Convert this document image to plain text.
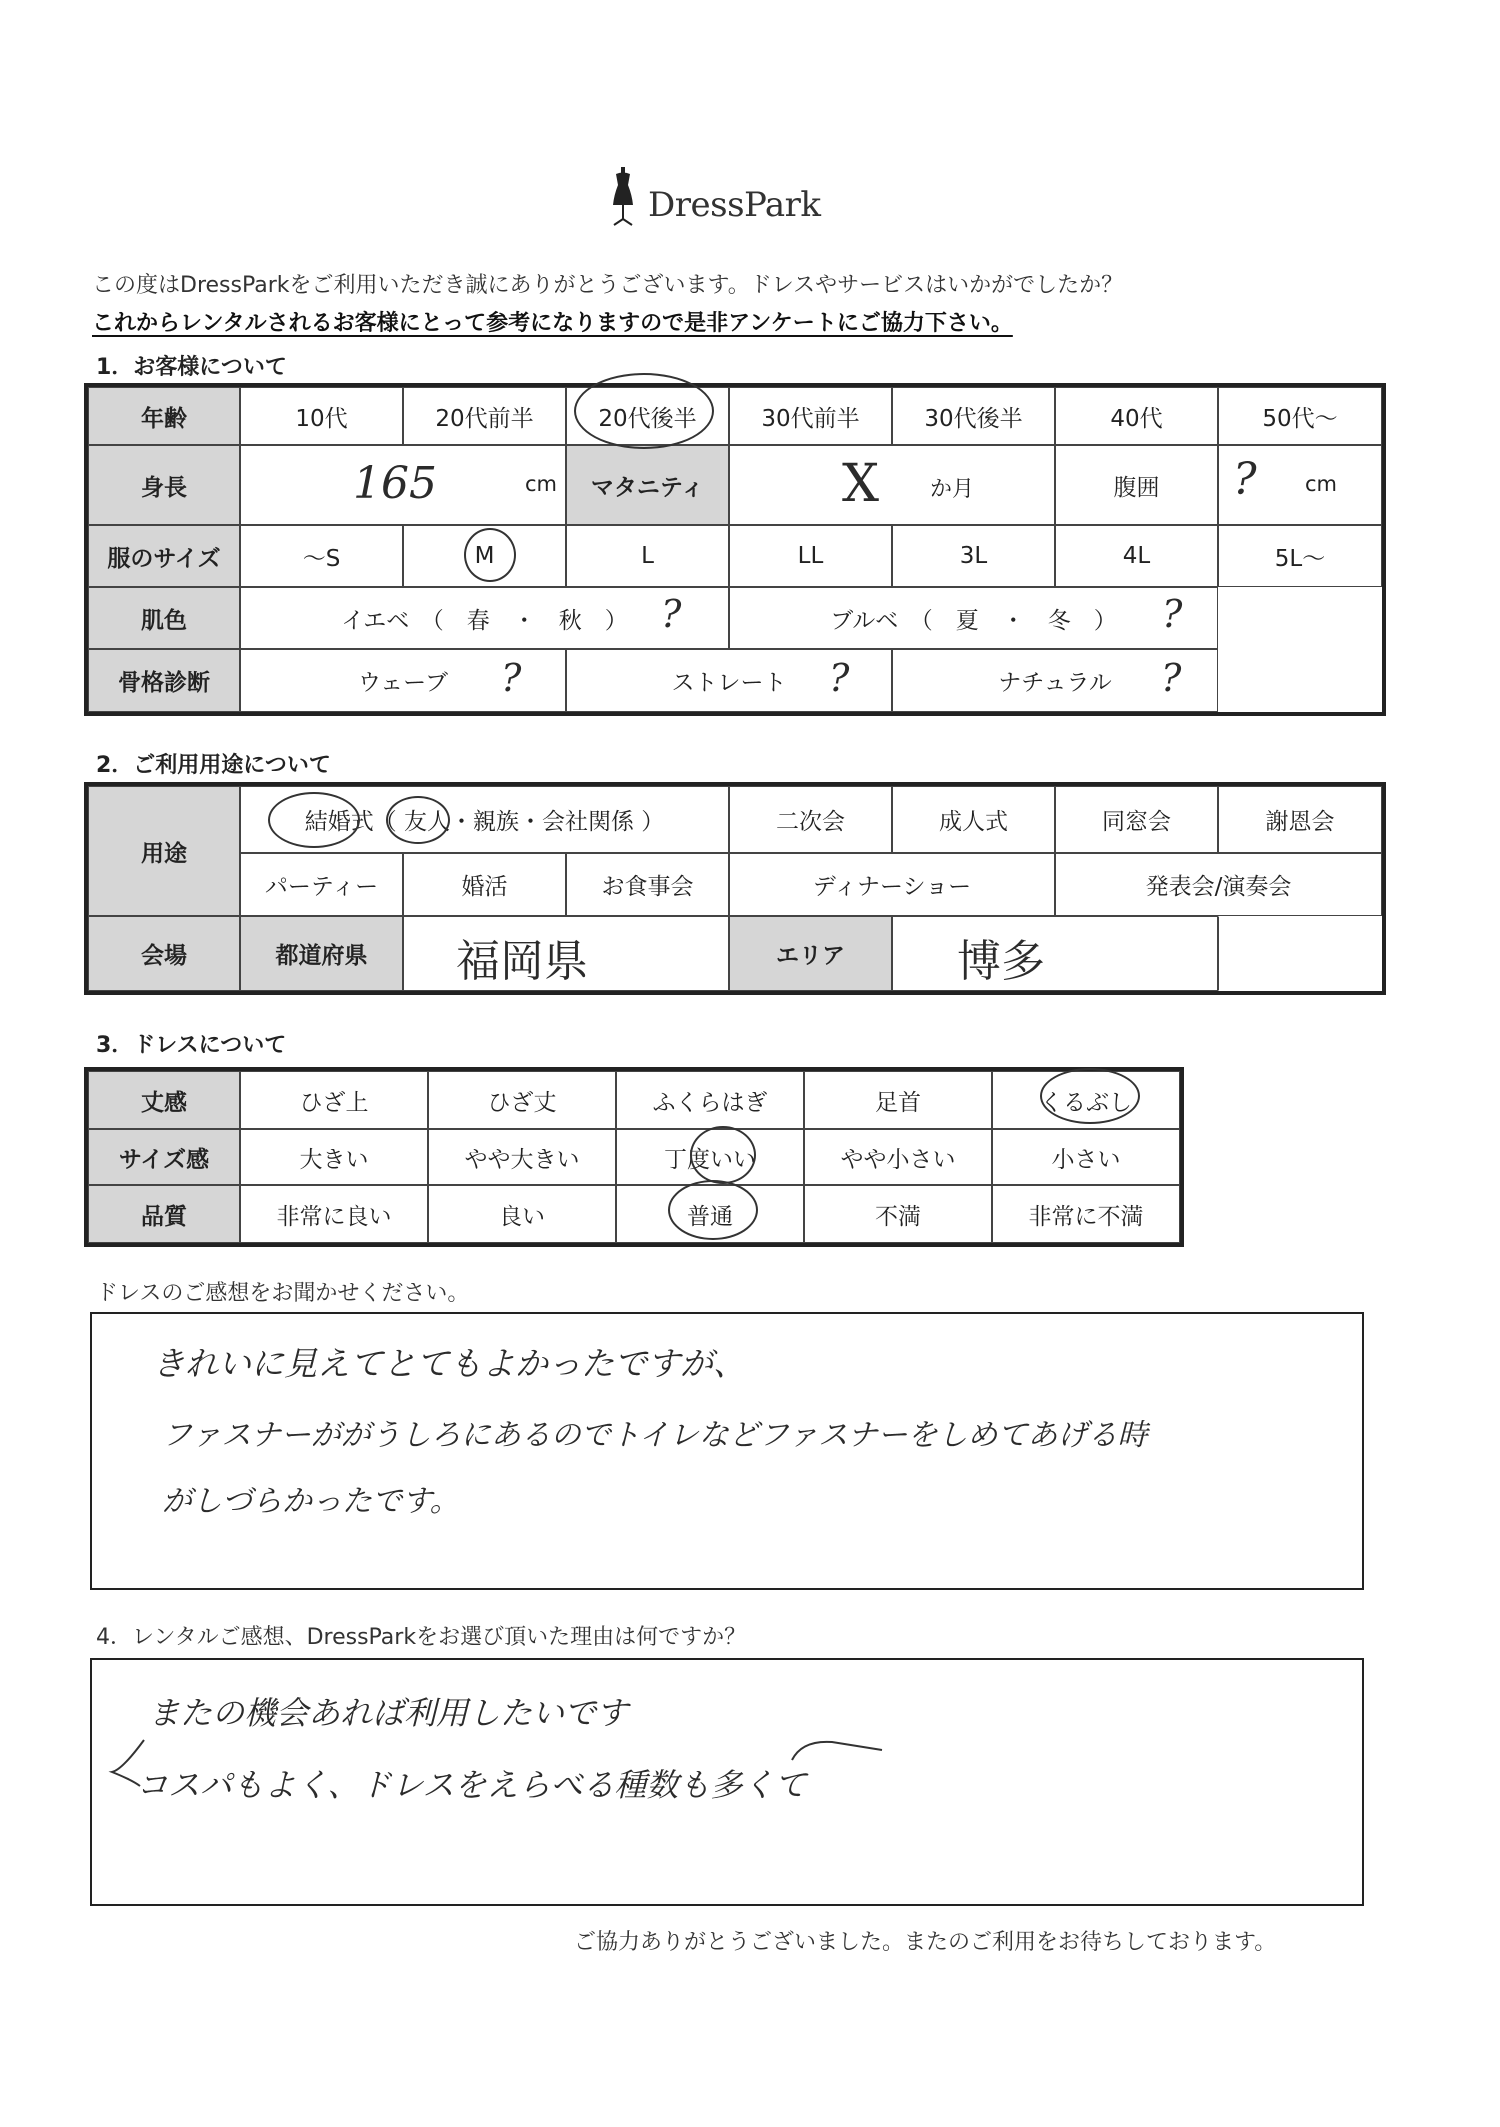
DressPark
この度はDressParkをご利用いただき誠にありがとうございます。ドレスやサービスはいかがでしたか？
これからレンタルされるお客様にとって参考になりますので是非アンケートにご協力下さい。
1．お客様について
年齢	10代	20代前半	20代後半	30代前半	30代後半	40代	50代～
身長	165	cm	マタニティ	X か月	腹囲	? cm
服のサイズ	～S	M	L	LL	3L	4L	5L～
肌色	イエベ　（　春　・　秋　） ?	ブルベ　（　夏　・　冬　） ?
骨格診断	ウェーブ ?	ストレート ?	ナチュラル ?
2．ご利用用途について
用途
結婚式（ 友人・親族・会社関係 ）	二次会	成人式	同窓会	謝恩会
パーティー	婚活	お食事会	ディナーショー	発表会/演奏会
会場	都道府県	福岡県	エリア	博多
3．ドレスについて
丈感	ひざ上	ひざ丈	ふくらはぎ	足首	くるぶし
サイズ感	大きい	やや大きい	丁度いい	やや小さい	小さい
品質	非常に良い	良い	普通	不満	非常に不満
ドレスのご感想をお聞かせください。
きれいに見えてとてもよかったですが、
ファスナーががうしろにあるのでトイレなどファスナーをしめてあげる時
がしづらかったです。
4．レンタルご感想、DressParkをお選び頂いた理由は何ですか？
またの機会あれば利用したいです
コスパもよく、ドレスをえらべる種数も多くて
ご協力ありがとうございました。またのご利用をお待ちしております。
